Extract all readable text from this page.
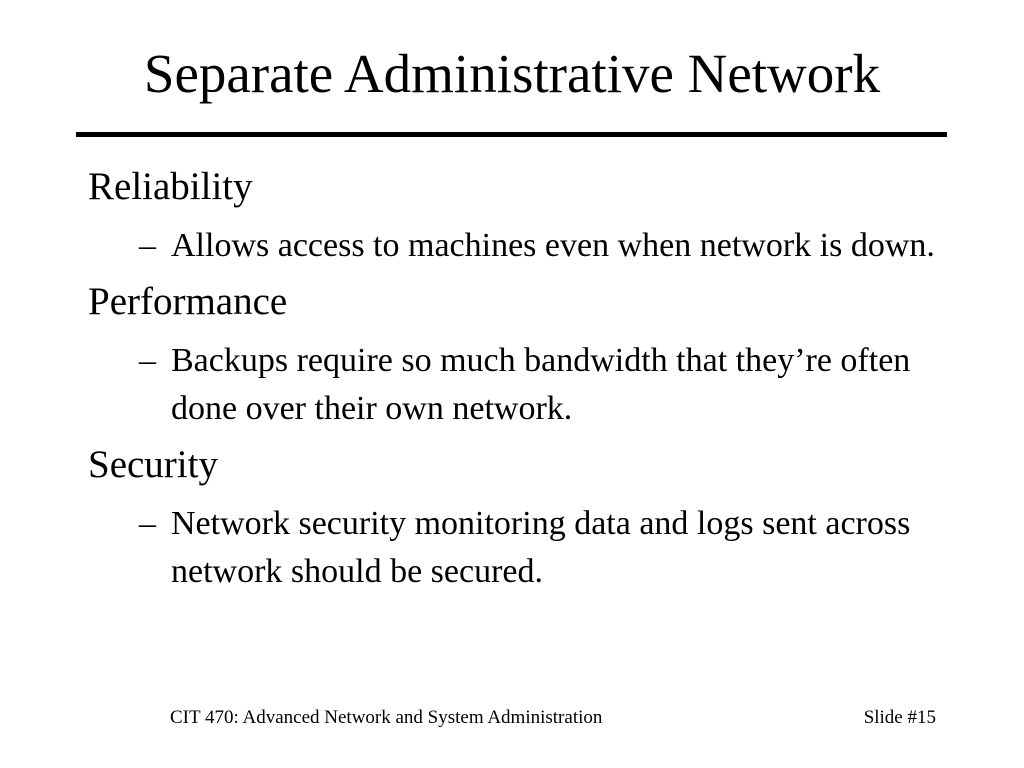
Separate Administrative Network
Reliability
– Allows access to machines even when network is down.
Performance
– Backups require so much bandwidth that they’re often done over their own network.
Security
– Network security monitoring data and logs sent across network should be secured.
CIT 470: Advanced Network and System Administration	Slide #15
